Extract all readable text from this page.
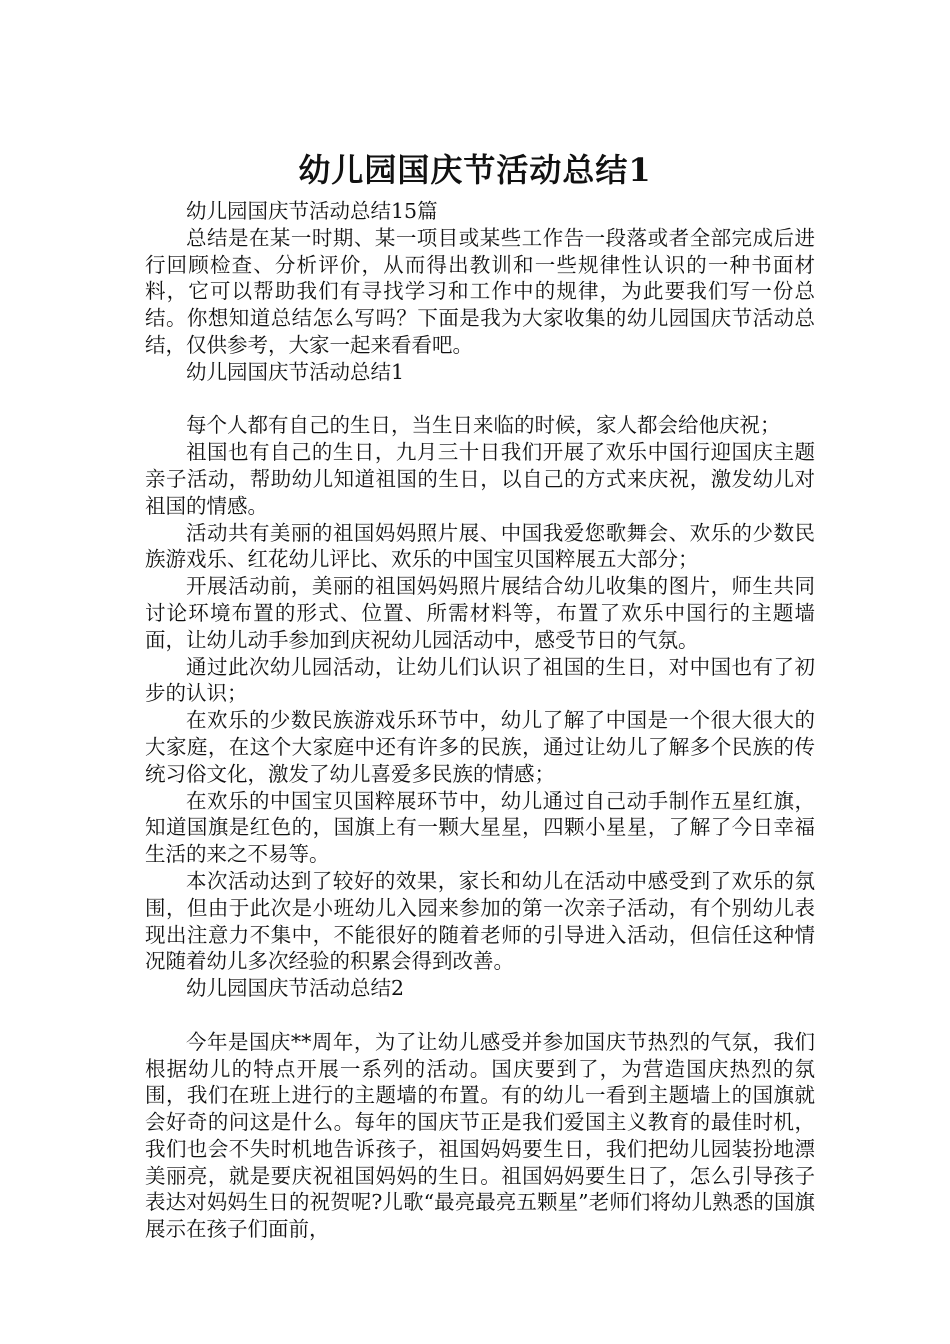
幼儿园国庆节活动总结1

幼儿园国庆节活动总结15篇

总结是在某一时期、某一项目或某些工作告一段落或者全部完成后进行回顾检查、分析评价，从而得出教训和一些规律性认识的一种书面材料，它可以帮助我们有寻找学习和工作中的规律，为此要我们写一份总结。你想知道总结怎么写吗？下面是我为大家收集的幼儿园国庆节活动总结，仅供参考，大家一起来看看吧。

幼儿园国庆节活动总结1

每个人都有自己的生日，当生日来临的时候，家人都会给他庆祝；

祖国也有自己的生日，九月三十日我们开展了欢乐中国行迎国庆主题亲子活动，帮助幼儿知道祖国的生日，以自己的方式来庆祝，激发幼儿对祖国的情感。

活动共有美丽的祖国妈妈照片展、中国我爱您歌舞会、欢乐的少数民族游戏乐、红花幼儿评比、欢乐的中国宝贝国粹展五大部分；

开展活动前，美丽的祖国妈妈照片展结合幼儿收集的图片，师生共同讨论环境布置的形式、位置、所需材料等，布置了欢乐中国行的主题墙面，让幼儿动手参加到庆祝幼儿园活动中，感受节日的气氛。

通过此次幼儿园活动，让幼儿们认识了祖国的生日，对中国也有了初步的认识；

在欢乐的少数民族游戏乐环节中，幼儿了解了中国是一个很大很大的大家庭，在这个大家庭中还有许多的民族，通过让幼儿了解多个民族的传统习俗文化，激发了幼儿喜爱多民族的情感；

在欢乐的中国宝贝国粹展环节中，幼儿通过自己动手制作五星红旗，知道国旗是红色的，国旗上有一颗大星星，四颗小星星，了解了今日幸福生活的来之不易等。

本次活动达到了较好的效果，家长和幼儿在活动中感受到了欢乐的氛围，但由于此次是小班幼儿入园来参加的第一次亲子活动，有个别幼儿表现出注意力不集中，不能很好的随着老师的引导进入活动，但信任这种情况随着幼儿多次经验的积累会得到改善。

幼儿园国庆节活动总结2

今年是国庆**周年，为了让幼儿感受并参加国庆节热烈的气氛，我们根据幼儿的特点开展一系列的活动。国庆要到了，为营造国庆热烈的氛围，我们在班上进行的主题墙的布置。有的幼儿一看到主题墙上的国旗就会好奇的问这是什么。每年的国庆节正是我们爱国主义教育的最佳时机，我们也会不失时机地告诉孩子，祖国妈妈要生日，我们把幼儿园装扮地漂美丽亮，就是要庆祝祖国妈妈的生日。祖国妈妈要生日了，怎么引导孩子表达对妈妈生日的祝贺呢?儿歌“最亮最亮五颗星”老师们将幼儿熟悉的国旗展示在孩子们面前，
